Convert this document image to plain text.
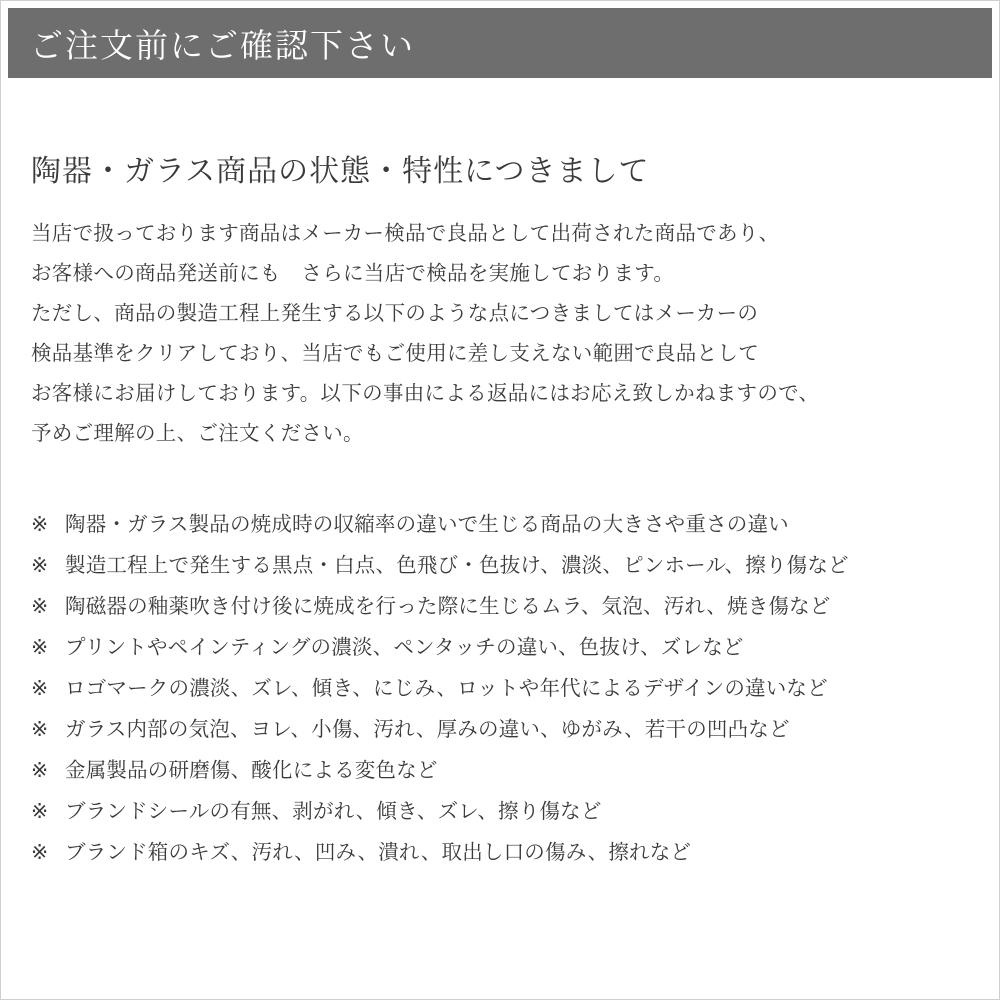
ご注文前にご確認下さい
陶器・ガラス商品の状態・特性につきまして
当店で扱っております商品はメーカー検品で良品として出荷された商品であり、
お客様への商品発送前にも　さらに当店で検品を実施しております。
ただし、商品の製造工程上発生する以下のような点につきましてはメーカーの
検品基準をクリアしており、当店でもご使用に差し支えない範囲で良品として
お客様にお届けしております。以下の事由による返品にはお応え致しかねますので、
予めご理解の上、ご注文ください。
※ 陶器・ガラス製品の焼成時の収縮率の違いで生じる商品の大きさや重さの違い
※ 製造工程上で発生する黒点・白点、色飛び・色抜け、濃淡、ピンホール、擦り傷など
※ 陶磁器の釉薬吹き付け後に焼成を行った際に生じるムラ、気泡、汚れ、焼き傷など
※ プリントやペインティングの濃淡、ペンタッチの違い、色抜け、ズレなど
※ ロゴマークの濃淡、ズレ、傾き、にじみ、ロットや年代によるデザインの違いなど
※ ガラス内部の気泡、ヨレ、小傷、汚れ、厚みの違い、ゆがみ、若干の凹凸など
※ 金属製品の研磨傷、酸化による変色など
※ ブランドシールの有無、剥がれ、傾き、ズレ、擦り傷など
※ ブランド箱のキズ、汚れ、凹み、潰れ、取出し口の傷み、擦れなど
